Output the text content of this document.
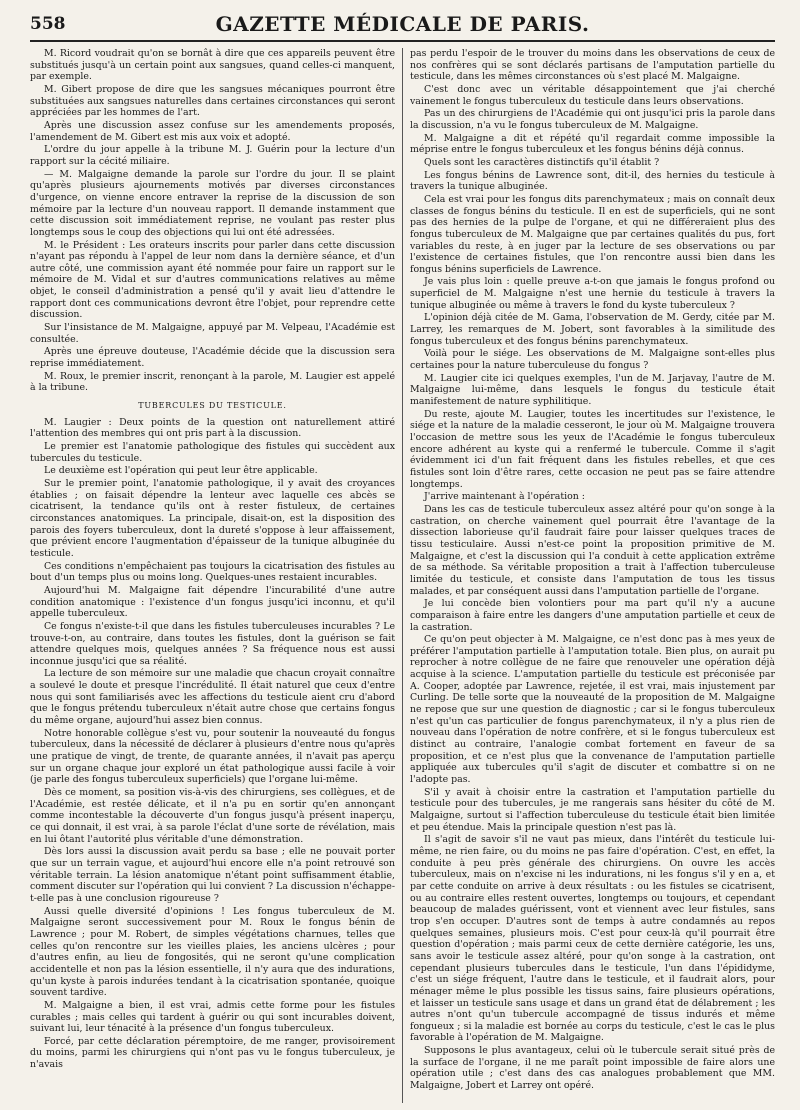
558	GAZETTE MÉDICALE DE PARIS.

M. Ricord voudrait qu'on se bornât à dire que ces appareils peuvent être substitués jusqu'à un certain point aux sangsues, quand celles-ci manquent, par exemple.

M. Gibert propose de dire que les sangsues mécaniques pourront être substituées aux sangsues naturelles dans certaines circonstances qui seront appréciées par les hommes de l'art.

Après une discussion assez confuse sur les amendements proposés, l'amendement de M. Gibert est mis aux voix et adopté.

L'ordre du jour appelle à la tribune M. J. Guérin pour la lecture d'un rapport sur la cécité miliaire.

— M. Malgaigne demande la parole sur l'ordre du jour. Il se plaint qu'après plusieurs ajournements motivés par diverses circonstances d'urgence, on vienne encore entraver la reprise de la discussion de son mémoire par la lecture d'un nouveau rapport. Il demande instamment que cette discussion soit immédiatement reprise, ne voulant pas rester plus longtemps sous le coup des objections qui lui ont été adressées.

M. le Président : Les orateurs inscrits pour parler dans cette discussion n'ayant pas répondu à l'appel de leur nom dans la dernière séance, et d'un autre côté, une commission ayant été nommée pour faire un rapport sur le mémoire de M. Vidal et sur d'autres communications relatives au même objet, le conseil d'administration a pensé qu'il y avait lieu d'attendre le rapport dont ces communications devront être l'objet, pour reprendre cette discussion.

Sur l'insistance de M. Malgaigne, appuyé par M. Velpeau, l'Académie est consultée.

Après une épreuve douteuse, l'Académie décide que la discussion sera reprise immédiatement.

M. Roux, le premier inscrit, renonçant à la parole, M. Laugier est appelé à la tribune.

TUBERCULES DU TESTICULE.

M. Laugier : Deux points de la question ont naturellement attiré l'attention des membres qui ont pris part à la discussion.

Le premier est l'anatomie pathologique des fistules qui succèdent aux tubercules du testicule.

Le deuxième est l'opération qui peut leur être applicable.

Sur le premier point, l'anatomie pathologique, il y avait des croyances établies ; on faisait dépendre la lenteur avec laquelle ces abcès se cicatrisent, la tendance qu'ils ont à rester fistuleux, de certaines circonstances anatomiques. La principale, disait-on, est la disposition des parois des foyers tuberculeux, dont la dureté s'oppose à leur affaissement, que prévient encore l'augmentation d'épaisseur de la tunique albuginée du testicule.

Ces conditions n'empêchaient pas toujours la cicatrisation des fistules au bout d'un temps plus ou moins long. Quelques-unes restaient incurables.

Aujourd'hui M. Malgaigne fait dépendre l'incurabilité d'une autre condition anatomique : l'existence d'un fongus jusqu'ici inconnu, et qu'il appelle tuberculeux.

Ce fongus n'existe-t-il que dans les fistules tuberculeuses incurables ? Le trouve-t-on, au contraire, dans toutes les fistules, dont la guérison se fait attendre quelques mois, quelques années ? Sa fréquence nous est aussi inconnue jusqu'ici que sa réalité.

La lecture de son mémoire sur une maladie que chacun croyait connaître a soulevé le doute et presque l'incrédulité. Il était naturel que ceux d'entre nous qui sont familiarisés avec les affections du testicule aient cru d'abord que le fongus prétendu tuberculeux n'était autre chose que certains fongus du même organe, aujourd'hui assez bien connus.

Notre honorable collègue s'est vu, pour soutenir la nouveauté du fongus tuberculeux, dans la nécessité de déclarer à plusieurs d'entre nous qu'après une pratique de vingt, de trente, de quarante années, il n'avait pas aperçu sur un organe chaque jour exploré un état pathologique aussi facile à voir (je parle des fongus tuberculeux superficiels) que l'organe lui-même.

Dès ce moment, sa position vis-à-vis des chirurgiens, ses collègues, et de l'Académie, est restée délicate, et il n'a pu en sortir qu'en annonçant comme incontestable la découverte d'un fongus jusqu'à présent inaperçu, ce qui donnait, il est vrai, à sa parole l'éclat d'une sorte de révélation, mais en lui ôtant l'autorité plus véritable d'une démonstration.

Dès lors aussi la discussion avait perdu sa base ; elle ne pouvait porter que sur un terrain vague, et aujourd'hui encore elle n'a point retrouvé son véritable terrain. La lésion anatomique n'étant point suffisamment établie, comment discuter sur l'opération qui lui convient ? La discussion n'échappe-t-elle pas à une conclusion rigoureuse ?

Aussi quelle diversité d'opinions ! Les fongus tuberculeux de M. Malgaigne seront successivement pour M. Roux le fongus bénin de Lawrence ; pour M. Robert, de simples végétations charnues, telles que celles qu'on rencontre sur les vieilles plaies, les anciens ulcères ; pour d'autres enfin, au lieu de fongosités, qui ne seront qu'une complication accidentelle et non pas la lésion essentielle, il n'y aura que des indurations, qu'un kyste à parois indurées tendant à la cicatrisation spontanée, quoique souvent tardive.

M. Malgaigne a bien, il est vrai, admis cette forme pour les fistules curables ; mais celles qui tardent à guérir ou qui sont incurables doivent, suivant lui, leur ténacité à la présence d'un fongus tuberculeux.

Forcé, par cette déclaration péremptoire, de me ranger, provisoirement du moins, parmi les chirurgiens qui n'ont pas vu le fongus tuberculeux, je n'avais

pas perdu l'espoir de le trouver du moins dans les observations de ceux de nos confrères qui se sont déclarés partisans de l'amputation partielle du testicule, dans les mêmes circonstances où s'est placé M. Malgaigne.

C'est donc avec un véritable désappointement que j'ai cherché vainement le fongus tuberculeux du testicule dans leurs observations.

Pas un des chirurgiens de l'Académie qui ont jusqu'ici pris la parole dans la discussion, n'a vu le fongus tuberculeux de M. Malgaigne.

M. Malgaigne a dit et répété qu'il regardait comme impossible la méprise entre le fongus tuberculeux et les fongus bénins déjà connus.

Quels sont les caractères distinctifs qu'il établit ?

Les fongus bénins de Lawrence sont, dit-il, des hernies du testicule à travers la tunique albuginée.

Cela est vrai pour les fongus dits parenchymateux ; mais on connaît deux classes de fongus bénins du testicule. Il en est de superficiels, qui ne sont pas des hernies de la pulpe de l'organe, et qui ne différeraient plus des fongus tuberculeux de M. Malgaigne que par certaines qualités du pus, fort variables du reste, à en juger par la lecture de ses observations ou par l'existence de certaines fistules, que l'on rencontre aussi bien dans les fongus bénins superficiels de Lawrence.

Je vais plus loin : quelle preuve a-t-on que jamais le fongus profond ou superficiel de M. Malgaigne n'est une hernie du testicule à travers la tunique albuginée ou même à travers le fond du kyste tuberculeux ?

L'opinion déjà citée de M. Gama, l'observation de M. Gerdy, citée par M. Larrey, les remarques de M. Jobert, sont favorables à la similitude des fongus tuberculeux et des fongus bénins parenchymateux.

Voilà pour le siége. Les observations de M. Malgaigne sont-elles plus certaines pour la nature tuberculeuse du fongus ?

M. Laugier cite ici quelques exemples, l'un de M. Jarjavay, l'autre de M. Malgaigne lui-même, dans lesquels le fongus du testicule était manifestement de nature syphilitique.

Du reste, ajoute M. Laugier, toutes les incertitudes sur l'existence, le siége et la nature de la maladie cesseront, le jour où M. Malgaigne trouvera l'occasion de mettre sous les yeux de l'Académie le fongus tuberculeux encore adhérent au kyste qui a renfermé le tubercule. Comme il s'agit évidemment ici d'un fait fréquent dans les fistules rebelles, et que ces fistules sont loin d'être rares, cette occasion ne peut pas se faire attendre longtemps.

J'arrive maintenant à l'opération :

Dans les cas de testicule tuberculeux assez altéré pour qu'on songe à la castration, on cherche vainement quel pourrait être l'avantage de la dissection laborieuse qu'il faudrait faire pour laisser quelques traces de tissu testiculaire. Aussi n'est-ce point la proposition primitive de M. Malgaigne, et c'est la discussion qui l'a conduit à cette application extrême de sa méthode. Sa véritable proposition a trait à l'affection tuberculeuse limitée du testicule, et consiste dans l'amputation de tous les tissus malades, et par conséquent aussi dans l'amputation partielle de l'organe.

Je lui concède bien volontiers pour ma part qu'il n'y a aucune comparaison à faire entre les dangers d'une amputation partielle et ceux de la castration.

Ce qu'on peut objecter à M. Malgaigne, ce n'est donc pas à mes yeux de préférer l'amputation partielle à l'amputation totale. Bien plus, on aurait pu reprocher à notre collègue de ne faire que renouveler une opération déjà acquise à la science. L'amputation partielle du testicule est préconisée par A. Cooper, adoptée par Lawrence, rejetée, il est vrai, mais injustement par Curling. De telle sorte que la nouveauté de la proposition de M. Malgaigne ne repose que sur une question de diagnostic ; car si le fongus tuberculeux n'est qu'un cas particulier de fongus parenchymateux, il n'y a plus rien de nouveau dans l'opération de notre confrère, et si le fongus tuberculeux est distinct au contraire, l'analogie combat fortement en faveur de sa proposition, et ce n'est plus que la convenance de l'amputation partielle appliquée aux tubercules qu'il s'agit de discuter et combattre si on ne l'adopte pas.

S'il y avait à choisir entre la castration et l'amputation partielle du testicule pour des tubercules, je me rangerais sans hésiter du côté de M. Malgaigne, surtout si l'affection tuberculeuse du testicule était bien limitée et peu étendue. Mais la principale question n'est pas là.

Il s'agit de savoir s'il ne vaut pas mieux, dans l'intérêt du testicule lui-même, ne rien faire, ou du moins ne pas faire d'opération. C'est, en effet, la conduite à peu près générale des chirurgiens. On ouvre les accès tuberculeux, mais on n'excise ni les indurations, ni les fongus s'il y en a, et par cette conduite on arrive à deux résultats : ou les fistules se cicatrisent, ou au contraire elles restent ouvertes, longtemps ou toujours, et cependant beaucoup de malades guérissent, vont et viennent avec leur fistules, sans trop s'en occuper. D'autres sont de temps à autre condamnés au repos quelques semaines, plusieurs mois. C'est pour ceux-là qu'il pourrait être question d'opération ; mais parmi ceux de cette dernière catégorie, les uns, sans avoir le testicule assez altéré, pour qu'on songe à la castration, ont cependant plusieurs tubercules dans le testicule, l'un dans l'épididyme, c'est un siége fréquent, l'autre dans le testicule, et il faudrait alors, pour ménager même le plus possible les tissus sains, faire plusieurs opérations, et laisser un testicule sans usage et dans un grand état de délabrement ; les autres n'ont qu'un tubercule accompagné de tissus indurés et même fongueux ; si la maladie est bornée au corps du testicule, c'est le cas le plus favorable à l'opération de M. Malgaigne.

Supposons le plus avantageux, celui où le tubercule serait situé près de la surface de l'organe, il ne me paraît point impossible de faire alors une opération utile ; c'est dans des cas analogues probablement que MM. Malgaigne, Jobert et Larrey ont opéré.
